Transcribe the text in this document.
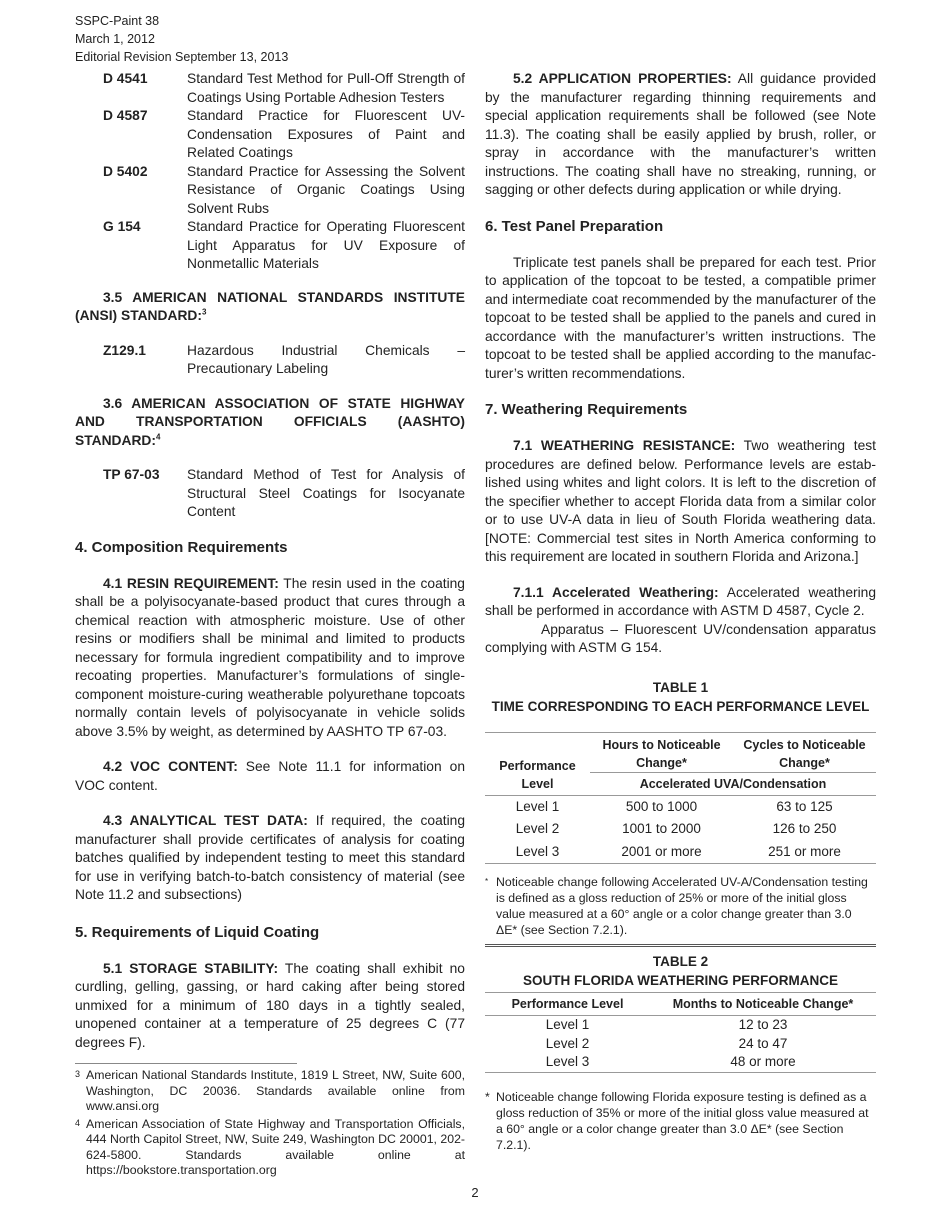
SSPC-Paint 38
March 1, 2012
Editorial Revision September 13, 2013
D 4541	Standard Test Method for Pull-Off Strength of Coatings Using Portable Adhesion Testers
D 4587	Standard Practice for Fluorescent UV-Condensation Exposures of Paint and Related Coatings
D 5402	Standard Practice for Assessing the Solvent Resistance of Organic Coatings Using Solvent Rubs
G 154	Standard Practice for Operating Fluorescent Light Apparatus for UV Exposure of Nonmetallic Materials

3.5 AMERICAN NATIONAL STANDARDS INSTITUTE (ANSI) STANDARD:$^3$

Z129.1	Hazardous Industrial Chemicals – Precautionary Labeling

3.6 AMERICAN ASSOCIATION OF STATE HIGHWAY AND TRANSPORTATION OFFICIALS (AASHTO) STANDARD:$^4$

TP 67-03	Standard Method of Test for Analysis of Structural Steel Coatings for Isocyanate Content
4. Composition Requirements

4.1 RESIN REQUIREMENT: The resin used in the coating shall be a polyisocyanate-based product that cures through a chemical reaction with atmospheric moisture. Use of other resins or modifiers shall be minimal and limited to products necessary for formula ingredient compatibility and to improve recoating properties. Manufacturer’s formulations of single-component moisture-curing weatherable polyurethane topcoats normally contain levels of polyisocyanate in vehicle solids above 3.5% by weight, as determined by AASHTO TP 67-03.

4.2 VOC CONTENT: See Note 11.1 for information on VOC content.

4.3 ANALYTICAL TEST DATA: If required, the coating manufacturer shall provide certificates of analysis for coating batches qualified by independent testing to meet this standard for use in verifying batch-to-batch consistency of material (see Note 11.2 and subsections)

5. Requirements of Liquid Coating

5.1 STORAGE STABILITY: The coating shall exhibit no curdling, gelling, gassing, or hard caking after being stored unmixed for a minimum of 180 days in a tightly sealed, unopened container at a temperature of 25 degrees C (77 degrees F).

3 American National Standards Institute, 1819 L Street, NW, Suite 600, Washington, DC 20036. Standards available online from www.ansi.org
4 American Association of State Highway and Transportation Officials, 444 North Capitol Street, NW, Suite 249, Washington DC 20001, 202-624-5800. Standards available online at https://bookstore.transportation.org

5.2 APPLICATION PROPERTIES: All guidance provided by the manufacturer regarding thinning requirements and special application requirements shall be followed (see Note 11.3). The coating shall be easily applied by brush, roller, or spray in accordance with the manufacturer’s written instructions. The coating shall have no streaking, running, or sagging or other defects during application or while drying.

6. Test Panel Preparation

Triplicate test panels shall be prepared for each test. Prior to application of the topcoat to be tested, a compatible primer and intermediate coat recommended by the manufacturer of the topcoat to be tested shall be applied to the panels and cured in accordance with the manufacturer’s written instructions. The topcoat to be tested shall be applied according to the manufacturer’s written recommendations.

7. Weathering Requirements

7.1 WEATHERING RESISTANCE: Two weathering test procedures are defined below. Performance levels are established using whites and light colors. It is left to the discretion of the specifier whether to accept Florida data from a similar color or to use UV-A data in lieu of South Florida weathering data. [NOTE: Commercial test sites in North America conforming to this requirement are located in southern Florida and Arizona.]

7.1.1 Accelerated Weathering: Accelerated weathering shall be performed in accordance with ASTM D 4587, Cycle 2.

Apparatus – Fluorescent UV/condensation apparatus complying with ASTM G 154.

TABLE 1
TIME CORRESPONDING TO EACH PERFORMANCE LEVEL
Performance Level	Hours to Noticeable Change*	Cycles to Noticeable Change*
	Accelerated UVA/Condensation	
Level 1	500 to 1000	63 to 125
Level 2	1001 to 2000	126 to 250
Level 3	2001 or more	251 or more
* Noticeable change following Accelerated UV-A/Condensation testing is defined as a gloss reduction of 25% or more of the initial gloss value measured at a 60° angle or a color change greater than 3.0 ΔE* (see Section 7.2.1).
TABLE 2
SOUTH FLORIDA WEATHERING PERFORMANCE
Performance Level	Months to Noticeable Change*
Level 1	12 to 23
Level 2	24 to 47
Level 3	48 or more
* Noticeable change following Florida exposure testing is defined as a gloss reduction of 35% or more of the initial gloss value measured at a 60° angle or a color change greater than 3.0 ΔE* (see Section 7.2.1).
2
